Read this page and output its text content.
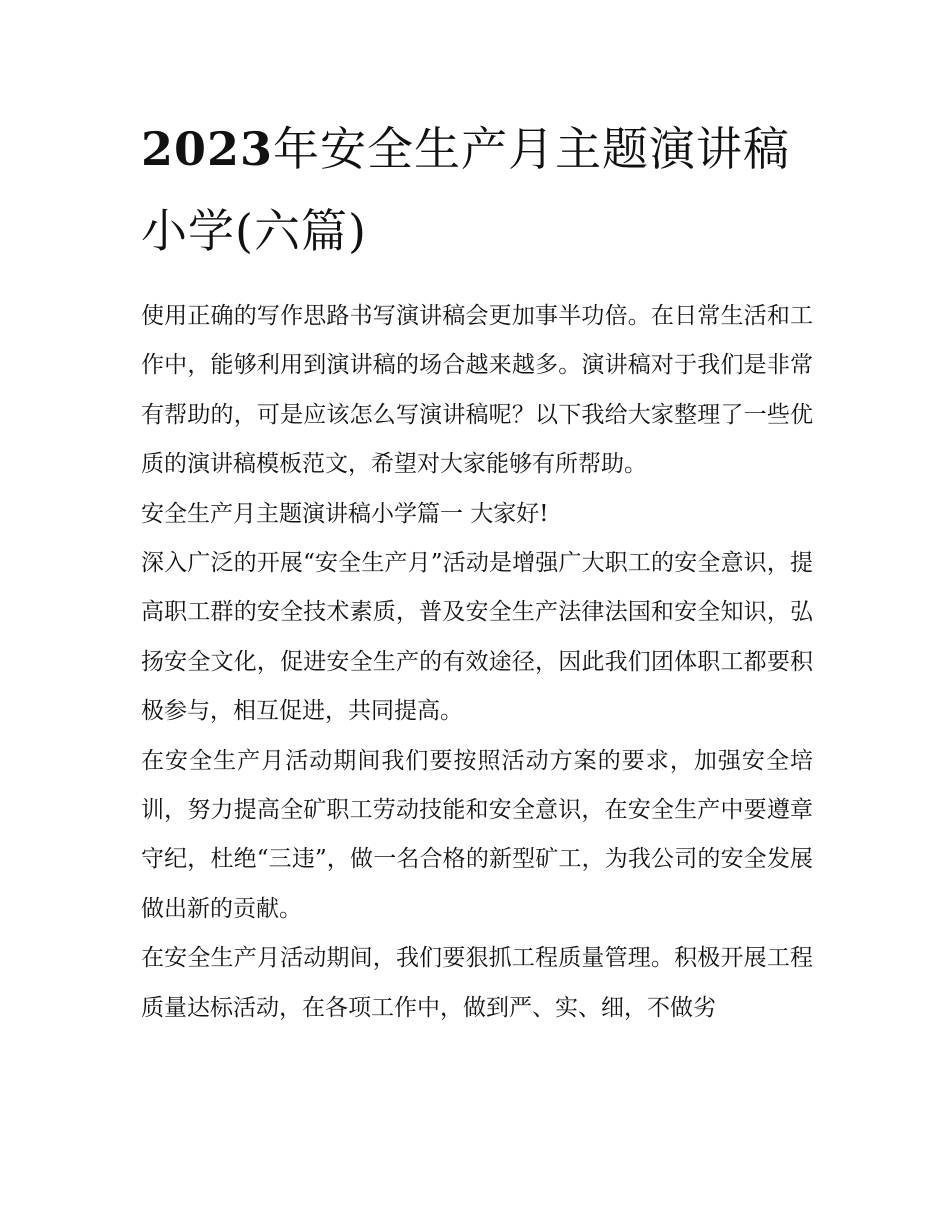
2023年安全生产月主题演讲稿小学(六篇)

使用正确的写作思路书写演讲稿会更加事半功倍。在日常生活和工作中，能够利用到演讲稿的场合越来越多。演讲稿对于我们是非常有帮助的，可是应该怎么写演讲稿呢？以下我给大家整理了一些优质的演讲稿模板范文，希望对大家能够有所帮助。

安全生产月主题演讲稿小学篇一 大家好!

深入广泛的开展“安全生产月”活动是增强广大职工的安全意识，提高职工群的安全技术素质，普及安全生产法律法国和安全知识，弘扬安全文化，促进安全生产的有效途径，因此我们团体职工都要积极参与，相互促进，共同提高。

在安全生产月活动期间我们要按照活动方案的要求，加强安全培训，努力提高全矿职工劳动技能和安全意识，在安全生产中要遵章守纪，杜绝“三违”，做一名合格的新型矿工，为我公司的安全发展做出新的贡献。

在安全生产月活动期间，我们要狠抓工程质量管理。积极开展工程质量达标活动，在各项工作中，做到严、实、细，不做劣
